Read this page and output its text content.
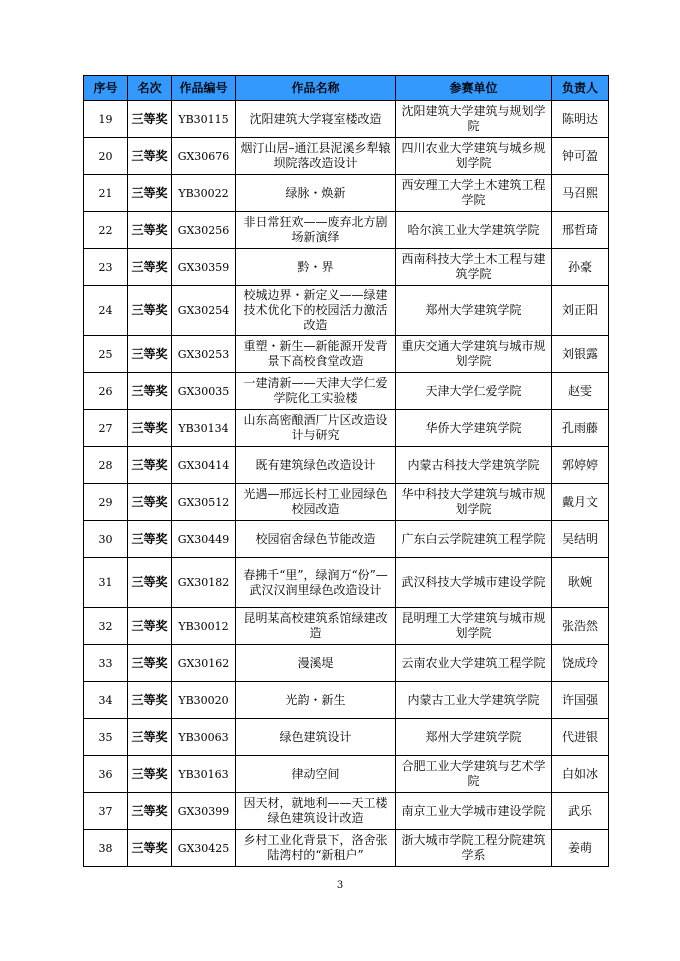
序号	名次	作品编号	作品名称	参赛单位	负责人
19	三等奖	YB30115	沈阳建筑大学寝室楼改造	沈阳建筑大学建筑与规划学院	陈明达
20	三等奖	GX30676	烟汀山居–通江县泥溪乡犁辕坝院落改造设计	四川农业大学建筑与城乡规划学院	钟可盈
21	三等奖	YB30022	绿脉・焕新	西安理工大学土木建筑工程学院	马召熙
22	三等奖	GX30256	非日常狂欢——废弃北方剧场新演绎	哈尔滨工业大学建筑学院	邢哲琦
23	三等奖	GX30359	黔・界	西南科技大学土木工程与建筑学院	孙豪
24	三等奖	GX30254	校城边界・新定义——绿建技术优化下的校园活力激活改造	郑州大学建筑学院	刘正阳
25	三等奖	GX30253	重塑・新生—新能源开发背景下高校食堂改造	重庆交通大学建筑与城市规划学院	刘银露
26	三等奖	GX30035	一建清新——天津大学仁爱学院化工实验楼	天津大学仁爱学院	赵雯
27	三等奖	YB30134	山东高密酿酒厂片区改造设计与研究	华侨大学建筑学院	孔雨藤
28	三等奖	GX30414	既有建筑绿色改造设计	内蒙古科技大学建筑学院	郭婷婷
29	三等奖	GX30512	光遇—邢远长村工业园绿色校园改造	华中科技大学建筑与城市规划学院	戴月文
30	三等奖	GX30449	校园宿舍绿色节能改造	广东白云学院建筑工程学院	吴结明
31	三等奖	GX30182	春拂千“里”，绿润万“份”—武汉汉润里绿色改造设计	武汉科技大学城市建设学院	耿婉
32	三等奖	YB30012	昆明某高校建筑系馆绿建改造	昆明理工大学建筑与城市规划学院	张浩然
33	三等奖	GX30162	漫溪堤	云南农业大学建筑工程学院	饶成玲
34	三等奖	YB30020	光韵・新生	内蒙古工业大学建筑学院	许国强
35	三等奖	YB30063	绿色建筑设计	郑州大学建筑学院	代进银
36	三等奖	YB30163	律动空间	合肥工业大学建筑与艺术学院	白如冰
37	三等奖	GX30399	因天材，就地利——天工楼绿色建筑设计改造	南京工业大学城市建设学院	武乐
38	三等奖	GX30425	乡村工业化背景下，洛舍张陆湾村的“新租户”	浙大城市学院工程分院建筑学系	姜萌
3
